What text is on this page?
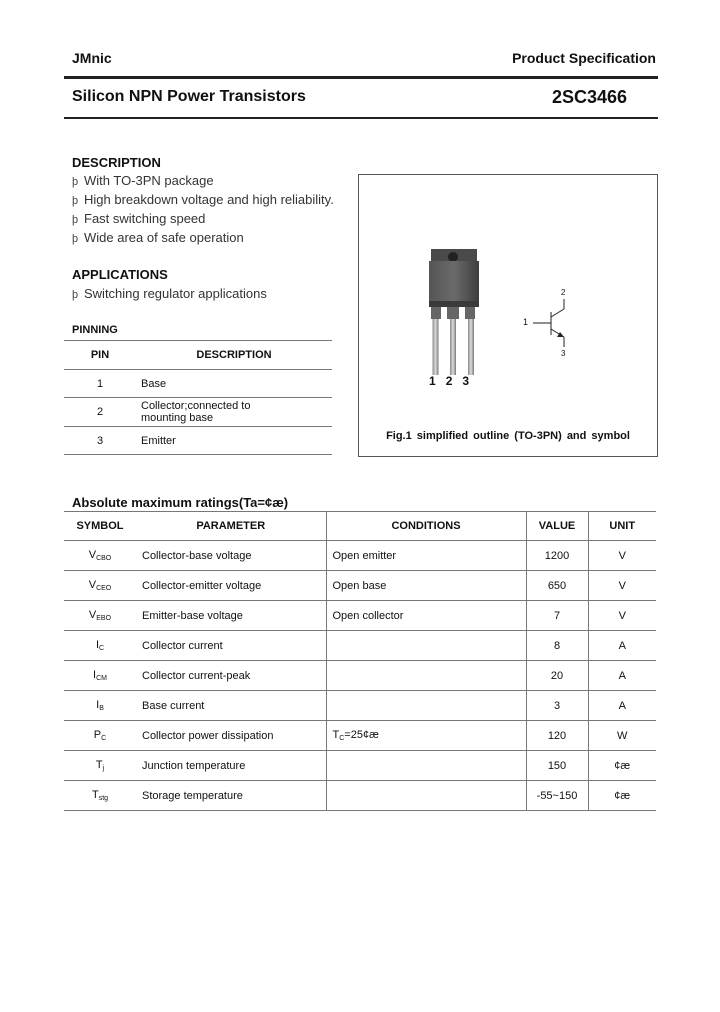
JMnic	Product Specification
Silicon NPN Power Transistors	2SC3466
DESCRIPTION
þ With TO-3PN package
þ High breakdown voltage and high reliability.
þ Fast switching speed
þ Wide area of safe operation
APPLICATIONS
þ Switching regulator applications
PINNING
PIN	DESCRIPTION
1	Base
2	Collector;connected to mounting base
3	Emitter
1 2 3
1
2
3
Fig.1 simplified outline (TO-3PN) and symbol
Absolute maximum ratings(Ta=¢æ)
SYMBOL	PARAMETER	CONDITIONS	VALUE	UNIT
$V_{CBO}$	Collector-base voltage	Open emitter	1200	V
$V_{CEO}$	Collector-emitter voltage	Open base	650	V
$V_{EBO}$	Emitter-base voltage	Open collector	7	V
$I_C$	Collector current		8	A
$I_{CM}$	Collector current-peak		20	A
$I_B$	Base current		3	A
$P_C$	Collector power dissipation	$T_C=25¢æ$	120	W
$T_j$	Junction temperature		150	¢æ
$T_{stg}$	Storage temperature		-55~150	¢æ
